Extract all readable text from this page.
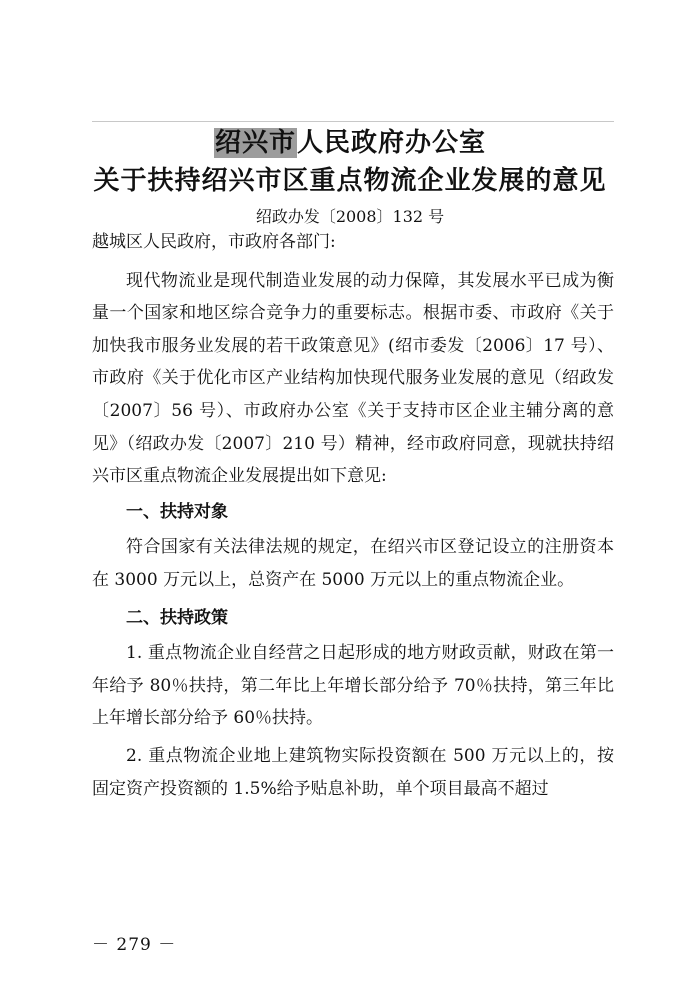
绍兴市人民政府办公室
关于扶持绍兴市区重点物流企业发展的意见
绍政办发〔2008〕132 号

越城区人民政府，市政府各部门:

现代物流业是现代制造业发展的动力保障，其发展水平已成为衡量一个国家和地区综合竞争力的重要标志。根据市委、市政府《关于加快我市服务业发展的若干政策意见》(绍市委发〔2006〕17 号）、市政府《关于优化市区产业结构加快现代服务业发展的意见（绍政发〔2007〕56 号）、市政府办公室《关于支持市区企业主辅分离的意见》（绍政办发〔2007〕210 号）精神，经市政府同意，现就扶持绍兴市区重点物流企业发展提出如下意见:

一、扶持对象

符合国家有关法律法规的规定，在绍兴市区登记设立的注册资本在 3000 万元以上，总资产在 5000 万元以上的重点物流企业。

二、扶持政策

1. 重点物流企业自经营之日起形成的地方财政贡献，财政在第一年给予 80％扶持，第二年比上年增长部分给予 70％扶持，第三年比上年增长部分给予 60％扶持。

2. 重点物流企业地上建筑物实际投资额在 500 万元以上的，按固定资产投资额的 1.5%给予贴息补助，单个项目最高不超过

－ 279 －
